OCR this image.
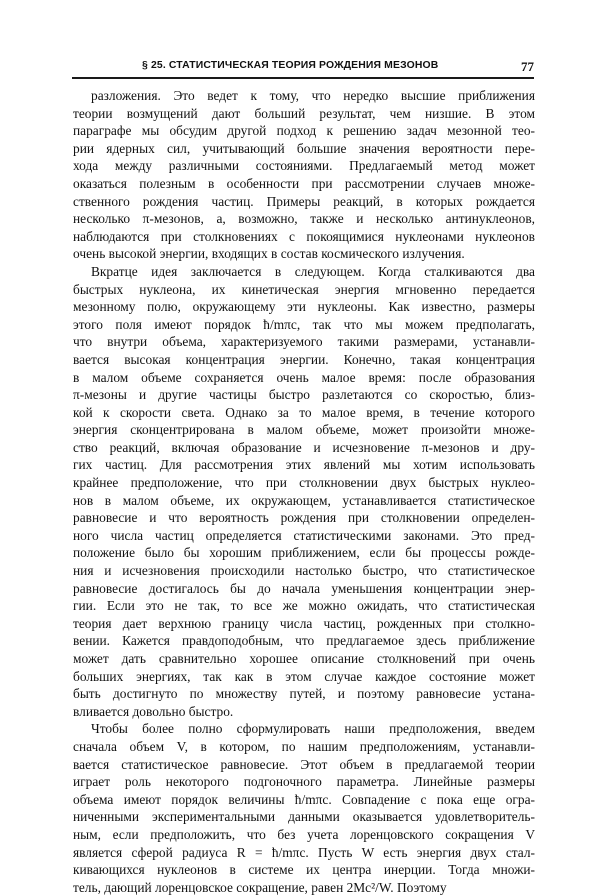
§ 25. СТАТИСТИЧЕСКАЯ ТЕОРИЯ РОЖДЕНИЯ МЕЗОНОВ	77
разложения. Это ведет к тому, что нередко высшие приближения
теории возмущений дают больший результат, чем низшие. В этом
параграфе мы обсудим другой подход к решению задач мезонной тео-
рии ядерных сил, учитывающий большие значения вероятности пере-
хода между различными состояниями. Предлагаемый метод может
оказаться полезным в особенности при рассмотрении случаев множе-
ственного рождения частиц. Примеры реакций, в которых рождается
несколько π-мезонов, а, возможно, также и несколько антинуклеонов,
наблюдаются при столкновениях с покоящимися нуклеонами нуклеонов
очень высокой энергии, входящих в состав космического излучения.
Вкратце идея заключается в следующем. Когда сталкиваются два
быстрых нуклеона, их кинетическая энергия мгновенно передается
мезонному полю, окружающему эти нуклеоны. Как известно, размеры
этого поля имеют порядок ħ/mπc, так что мы можем предполагать,
что внутри объема, характеризуемого такими размерами, устанавли-
вается высокая концентрация энергии. Конечно, такая концентрация
в малом объеме сохраняется очень малое время: после образования
π-мезоны и другие частицы быстро разлетаются со скоростью, близ-
кой к скорости света. Однако за то малое время, в течение которого
энергия сконцентрирована в малом объеме, может произойти множе-
ство реакций, включая образование и исчезновение π-мезонов и дру-
гих частиц. Для рассмотрения этих явлений мы хотим использовать
крайнее предположение, что при столкновении двух быстрых нуклео-
нов в малом объеме, их окружающем, устанавливается статистическое
равновесие и что вероятность рождения при столкновении определен-
ного числа частиц определяется статистическими законами. Это пред-
положение было бы хорошим приближением, если бы процессы рожде-
ния и исчезновения происходили настолько быстро, что статистическое
равновесие достигалось бы до начала уменьшения концентрации энер-
гии. Если это не так, то все же можно ожидать, что статистическая
теория дает верхнюю границу числа частиц, рожденных при столкно-
вении. Кажется правдоподобным, что предлагаемое здесь приближение
может дать сравнительно хорошее описание столкновений при очень
больших энергиях, так как в этом случае каждое состояние может
быть достигнуто по множеству путей, и поэтому равновесие устана-
вливается довольно быстро.
Чтобы более полно сформулировать наши предположения, введем
сначала объем V, в котором, по нашим предположениям, устанавли-
вается статистическое равновесие. Этот объем в предлагаемой теории
играет роль некоторого подгоночного параметра. Линейные размеры
объема имеют порядок величины ħ/mπc. Совпадение с пока еще огра-
ниченными экспериментальными данными оказывается удовлетворитель-
ным, если предположить, что без учета лоренцовского сокращения V
является сферой радиуса R = ħ/mπc. Пусть W есть энергия двух стал-
кивающихся нуклеонов в системе их центра инерции. Тогда множи-
тель, дающий лоренцовское сокращение, равен 2Mc²/W. Поэтому
